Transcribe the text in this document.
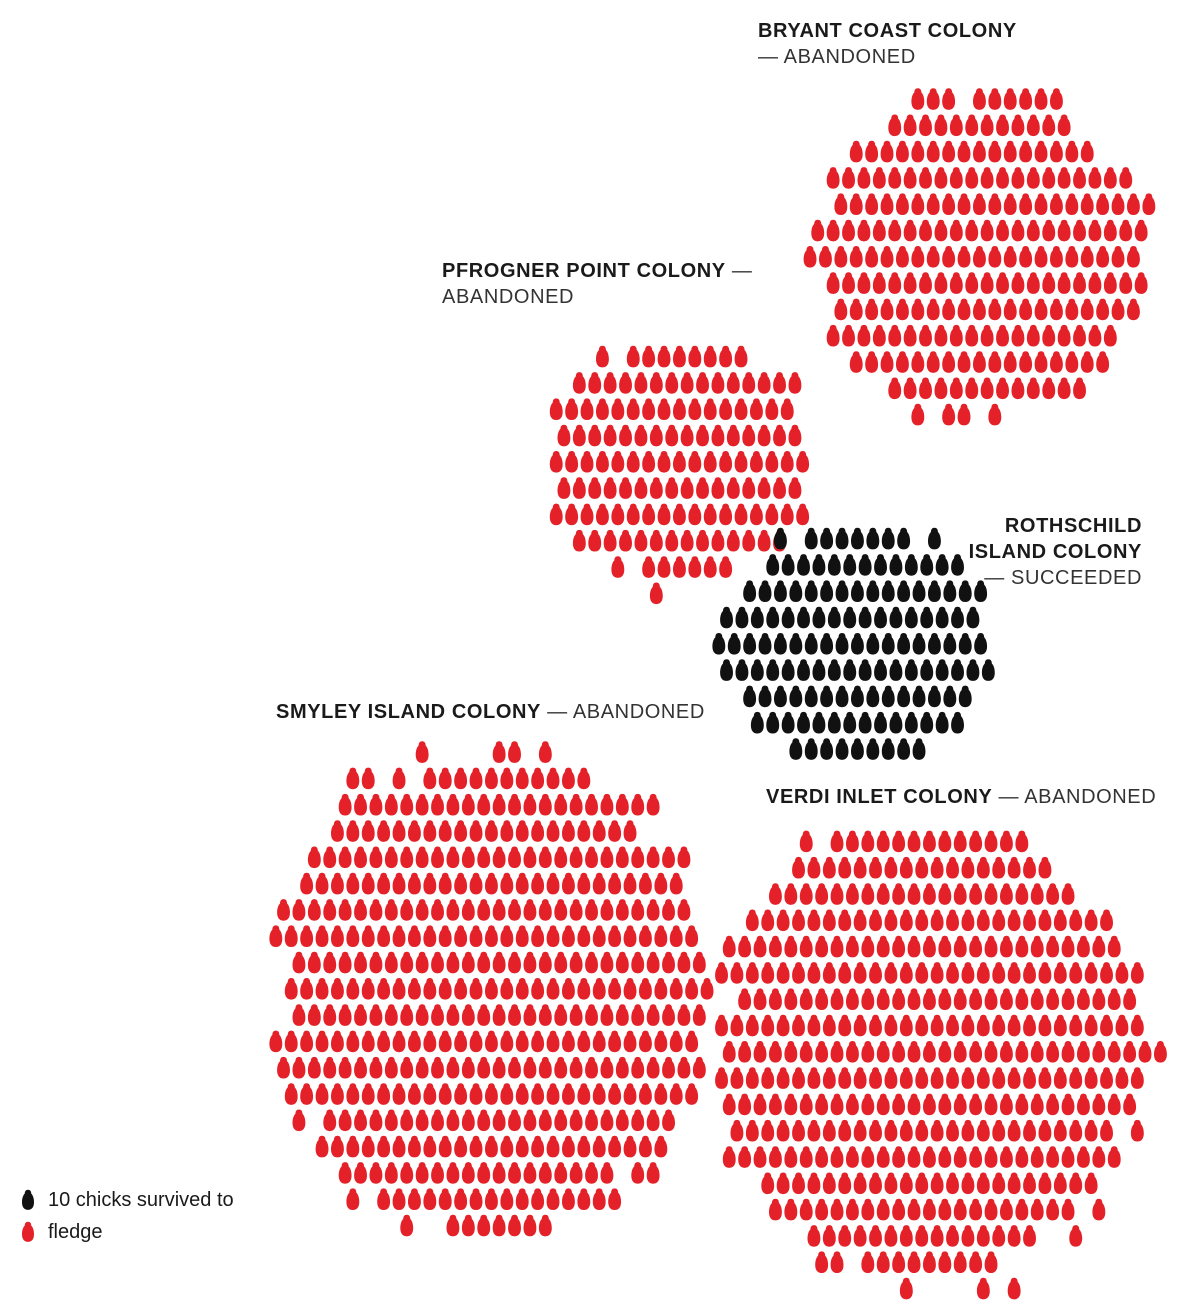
BRYANT COAST COLONY
— ABANDONED
PFROGNER POINT COLONY — ABANDONED
ROTHSCHILD ISLAND COLONY
— SUCCEEDED
SMYLEY ISLAND COLONY — ABANDONED
VERDI INLET COLONY — ABANDONED
10 chicks survived to fledge
